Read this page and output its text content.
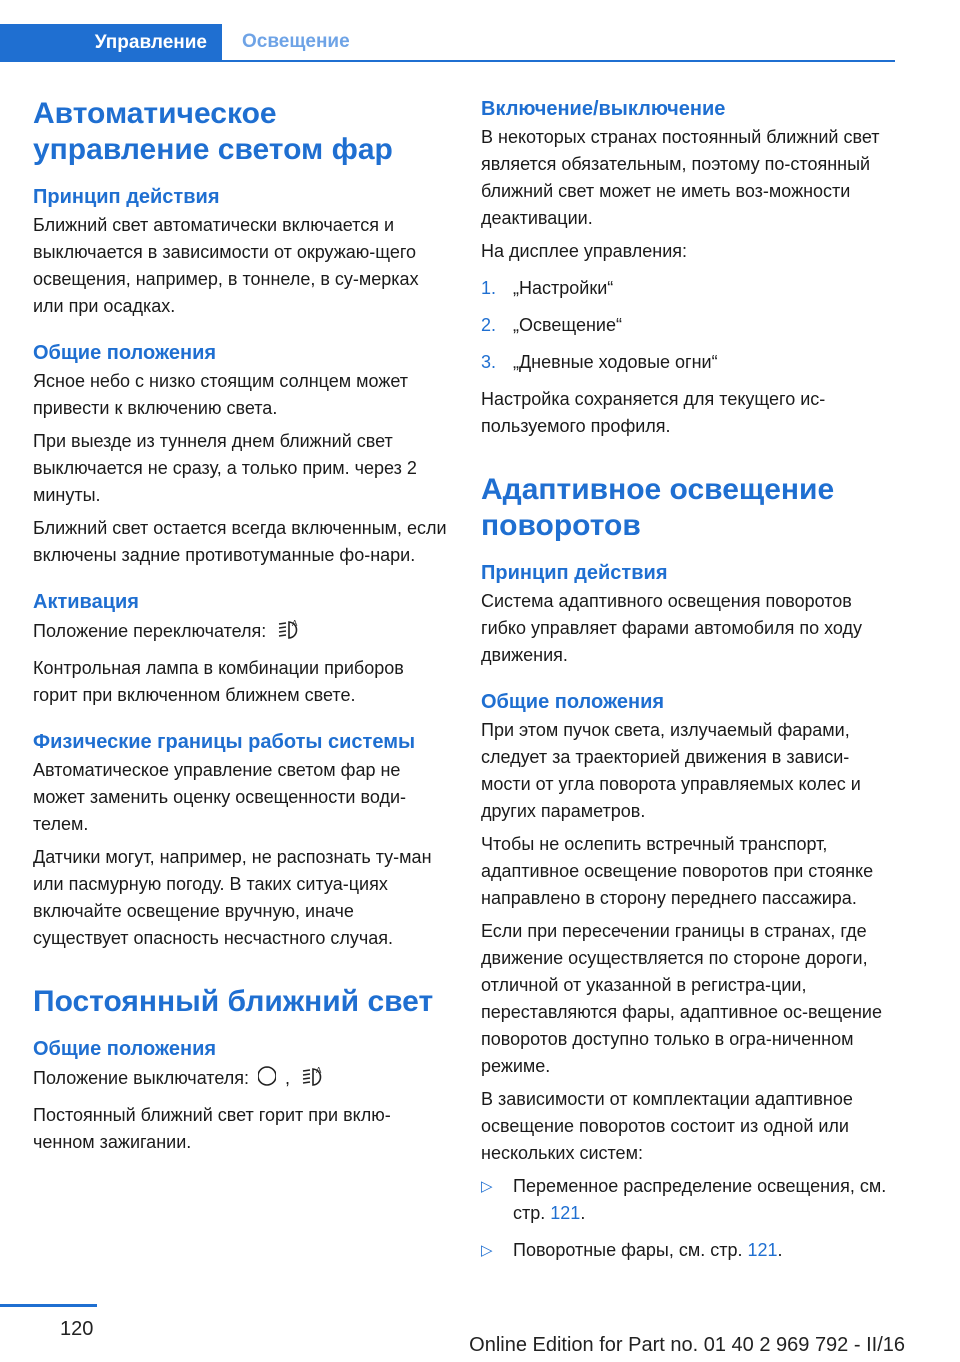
Управление	Освещение
Автоматическое
управление светом фар
Принцип действия

Ближний свет автоматически включается и выключается в зависимости от окружаю-щего освещения, например, в тоннеле, в су-мерках или при осадках.

Общие положения

Ясное небо с низко стоящим солнцем может привести к включению света.

При выезде из туннеля днем ближний свет выключается не сразу, а только прим. через 2 минуты.

Ближний свет остается всегда включенным, если включены задние противотуманные фо-нари.

Активация

Положение переключателя:	A

Контрольная лампа в комбинации приборов горит при включенном ближнем свете.

Физические границы работы системы

Автоматическое управление светом фар не может заменить оценку освещенности води-телем.

Датчики могут, например, не распознать ту-ман или пасмурную погоду. В таких ситуа-циях включайте освещение вручную, иначе существует опасность несчастного случая.

Постоянный ближний свет
Общие положения

Положение выключателя: ,	A

Постоянный ближний свет горит при вклю-ченном зажигании.

Включение/выключение

В некоторых странах постоянный ближний свет является обязательным, поэтому по-стоянный ближний свет может не иметь воз-можности деактивации.

На дисплее управления:

1. „Настройки“
2. „Освещение“
3. „Дневные ходовые огни“

Настройка сохраняется для текущего ис-пользуемого профиля.

Адаптивное освещение
поворотов
Принцип действия

Система адаптивного освещения поворотов гибко управляет фарами автомобиля по ходу движения.

Общие положения

При этом пучок света, излучаемый фарами, следует за траекторией движения в зависи-мости от угла поворота управляемых колес и других параметров.

Чтобы не ослепить встречный транспорт, адаптивное освещение поворотов при стоянке направлено в сторону переднего пассажира.

Если при пересечении границы в странах, где движение осуществляется по стороне дороги, отличной от указанной в регистра-ции, переставляются фары, адаптивное ос-вещение поворотов доступно только в огра-ниченном режиме.

В зависимости от комплектации адаптивное освещение поворотов состоит из одной или нескольких систем:

▷	Переменное распределение освещения, см. стр. 121.
▷	Поворотные фары, см. стр. 121.
120
Online Edition for Part no. 01 40 2 969 792 - II/16
